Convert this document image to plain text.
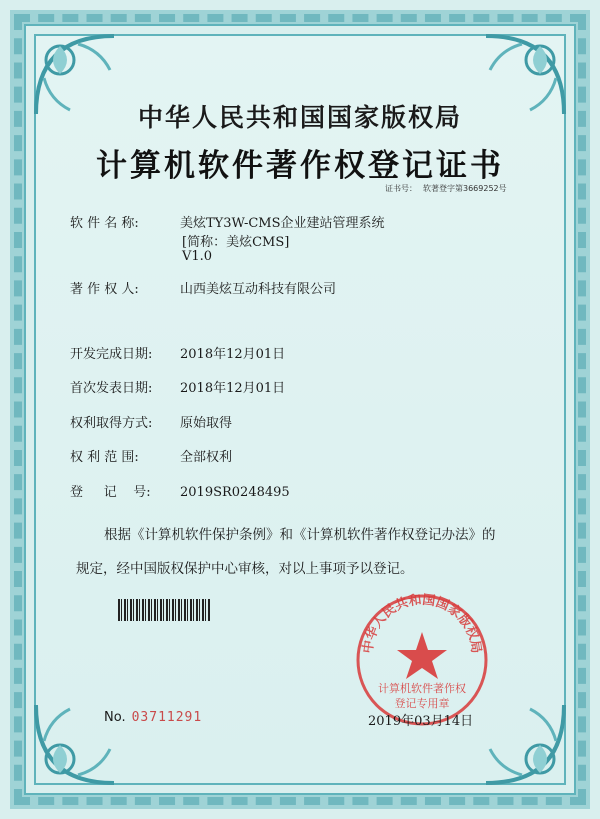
中华人民共和国国家版权局
计算机软件著作权登记证书
证书号： 软著登字第3669252号
软 件 名 称:	美炫TY3W-CMS企业建站管理系统
[简称：美炫CMS]
V1.0
著 作 权 人:	山西美炫互动科技有限公司
开发完成日期: 2018年12月01日
首次发表日期: 2018年12月01日
权利取得方式: 原始取得
权 利 范 围:	全部权利
登     记    号: 2019SR0248495
根据《计算机软件保护条例》和《计算机软件著作权登记办法》的
规定，经中国版权保护中心审核，对以上事项予以登记。
中华人民共和国国家版权局
计算机软件著作权
登记专用章
No. 03711291	2019年03月14日
